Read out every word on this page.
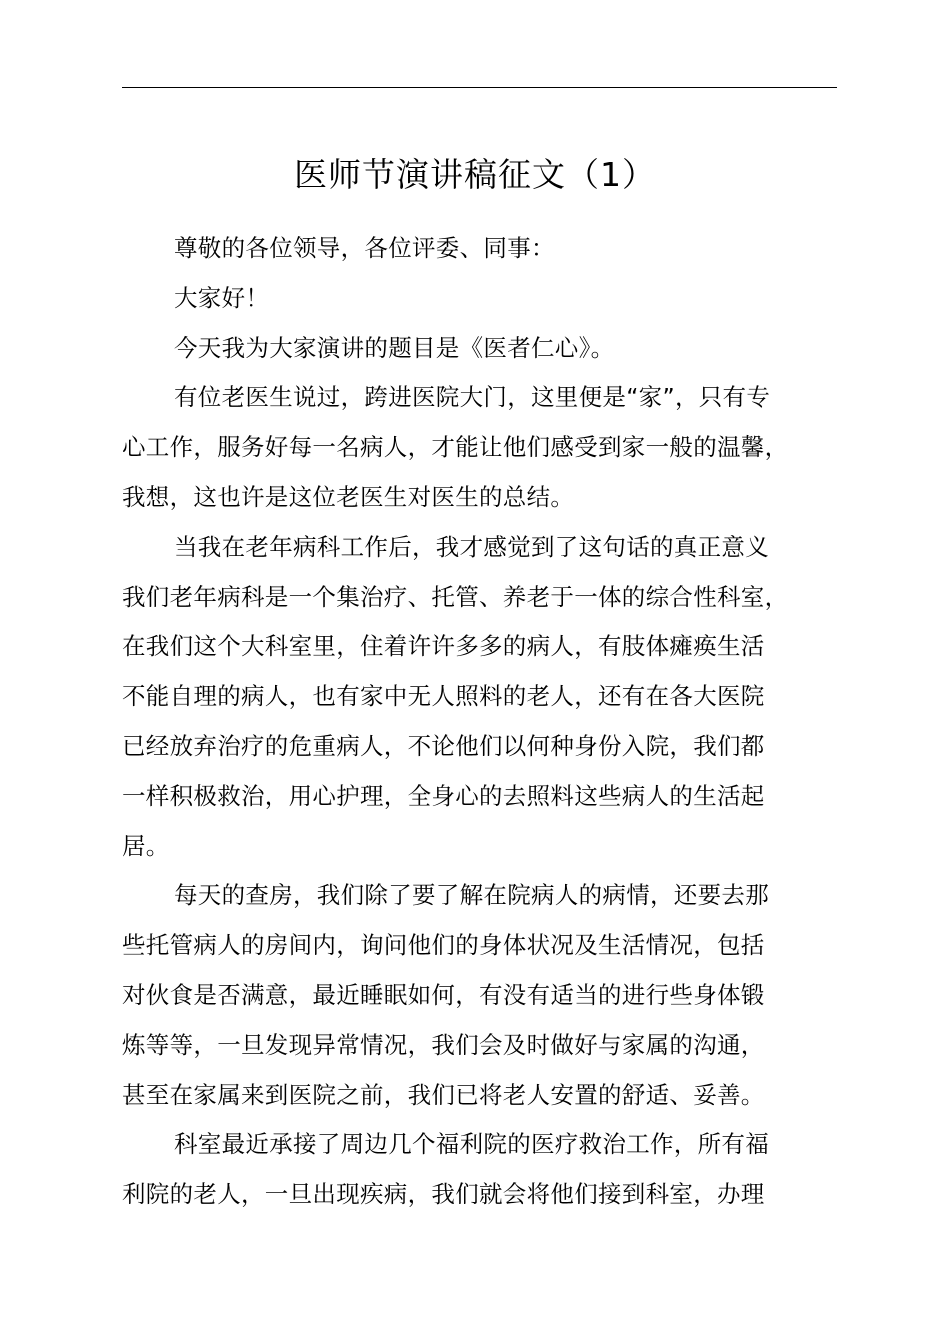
医师节演讲稿征文（1）
尊敬的各位领导，各位评委、同事：
大家好！
今天我为大家演讲的题目是《医者仁心》。
有位老医生说过，跨进医院大门，这里便是“家”，只有专
心工作，服务好每一名病人，才能让他们感受到家一般的温馨，
我想，这也许是这位老医生对医生的总结。
当我在老年病科工作后，我才感觉到了这句话的真正意义
我们老年病科是一个集治疗、托管、养老于一体的综合性科室，
在我们这个大科室里，住着许许多多的病人，有肢体瘫痪生活
不能自理的病人，也有家中无人照料的老人，还有在各大医院
已经放弃治疗的危重病人，不论他们以何种身份入院，我们都
一样积极救治，用心护理，全身心的去照料这些病人的生活起
居。
每天的查房，我们除了要了解在院病人的病情，还要去那
些托管病人的房间内，询问他们的身体状况及生活情况，包括
对伙食是否满意，最近睡眠如何，有没有适当的进行些身体锻
炼等等，一旦发现异常情况，我们会及时做好与家属的沟通，
甚至在家属来到医院之前，我们已将老人安置的舒适、妥善。
科室最近承接了周边几个福利院的医疗救治工作，所有福
利院的老人，一旦出现疾病，我们就会将他们接到科室，办理
